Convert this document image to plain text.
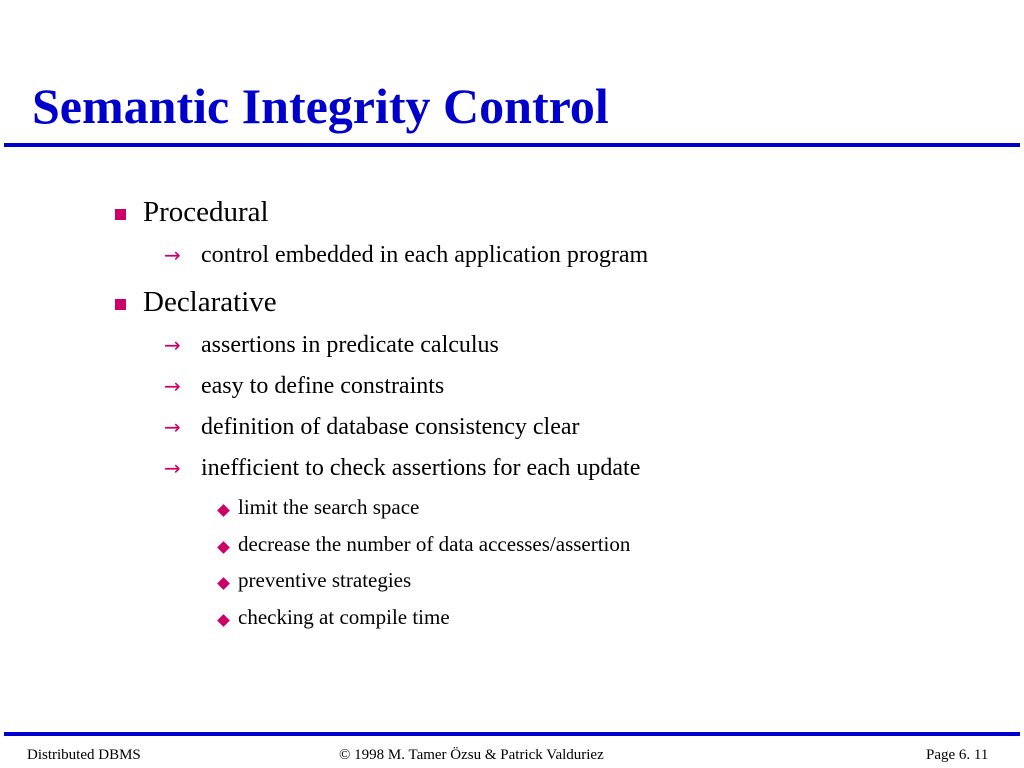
Semantic Integrity Control
Procedural
→ control embedded in each application program
Declarative
→ assertions in predicate calculus
→ easy to define constraints
→ definition of database consistency clear
→ inefficient to check assertions for each update
limit the search space
decrease the number of data accesses/assertion
preventive strategies
checking at compile time
Distributed DBMS	© 1998 M. Tamer Özsu & Patrick Valduriez	Page 6. 11
